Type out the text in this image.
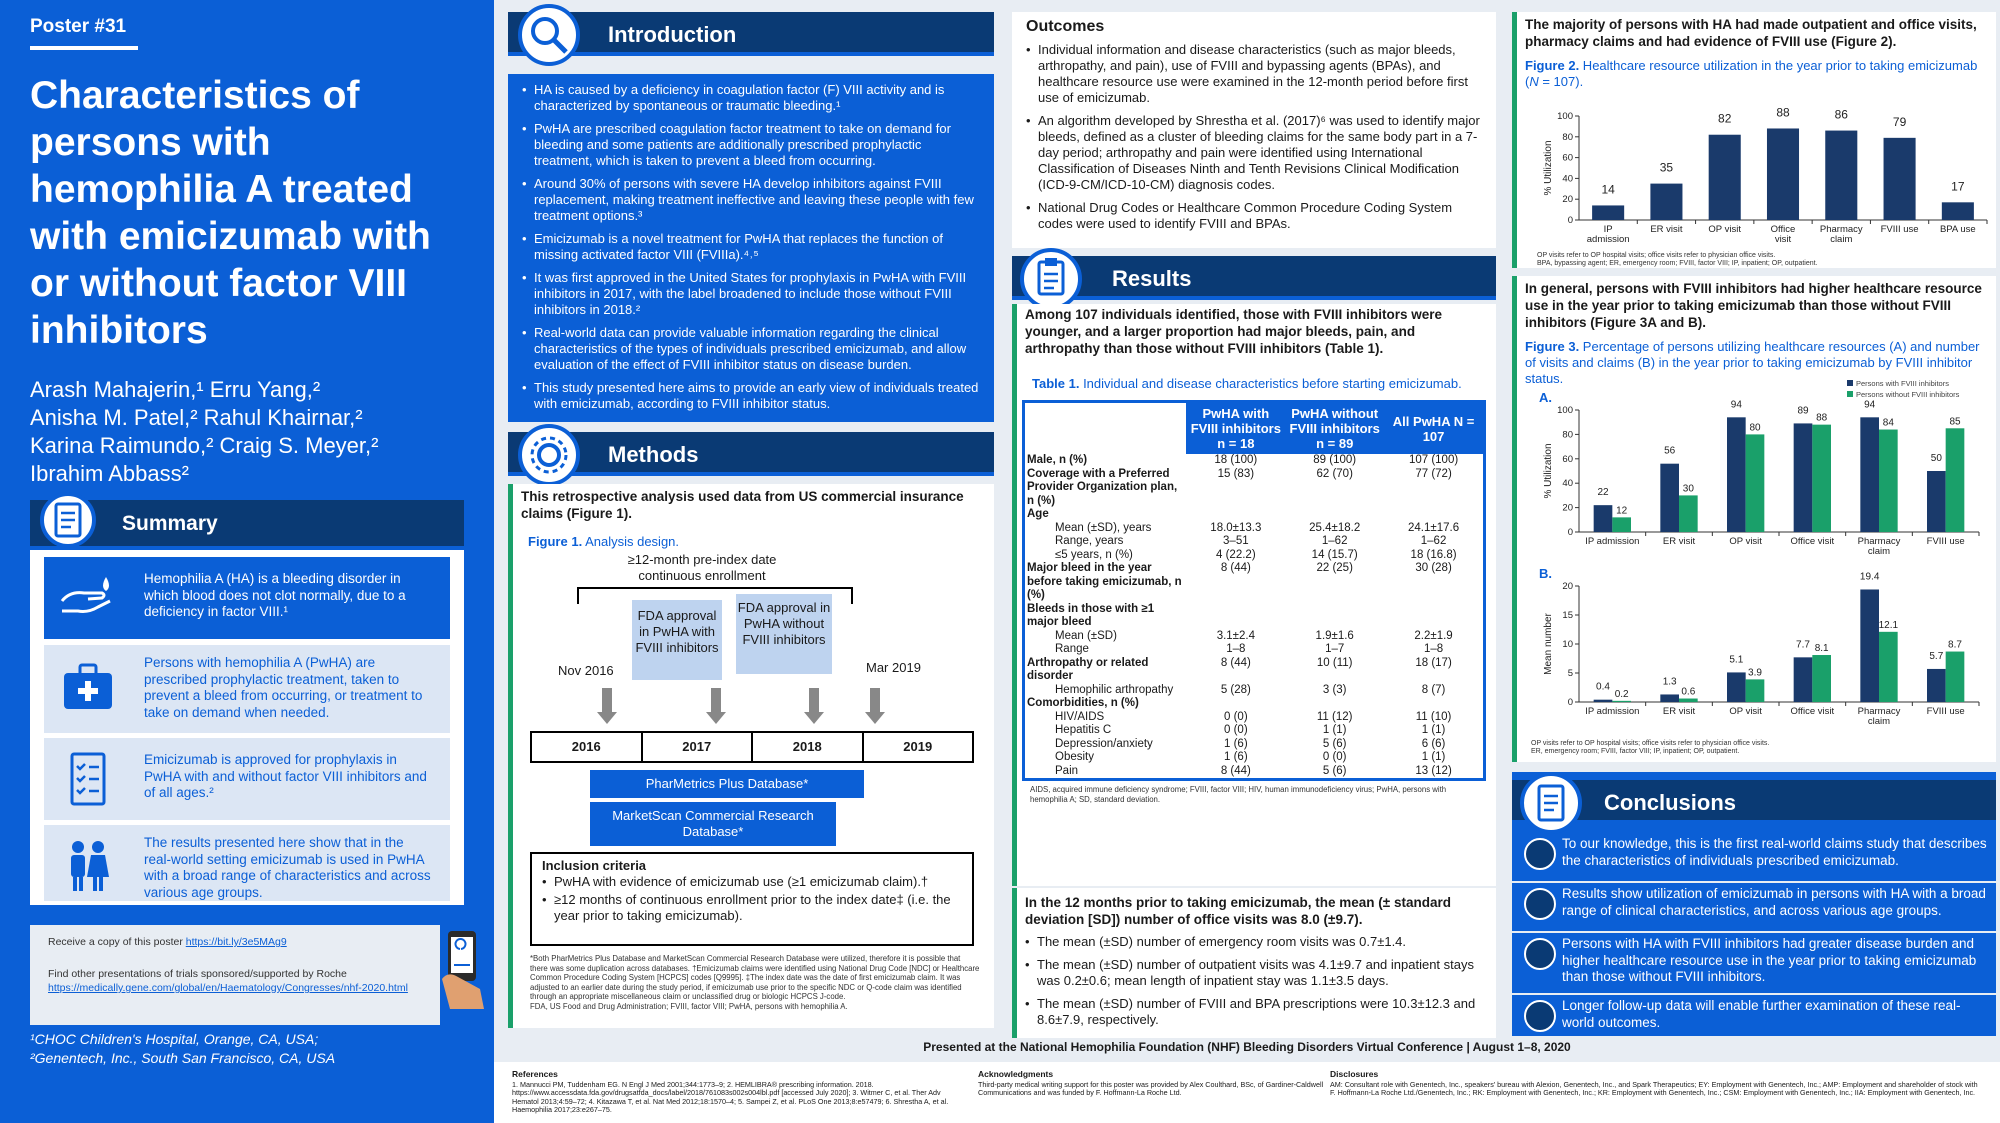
Poster #31
Characteristics of persons with hemophilia A treated with emicizumab with or without factor VIII inhibitors
Arash Mahajerin,¹ Erru Yang,²
Anisha M. Patel,² Rahul Khairnar,²
Karina Raimundo,² Craig S. Meyer,²
Ibrahim Abbass²
Summary
Hemophilia A (HA) is a bleeding disorder in which blood does not clot normally, due to a deficiency in factor VIII.¹
Persons with hemophilia A (PwHA) are prescribed prophylactic treatment, taken to prevent a bleed from occurring, or treatment to take on demand when needed.
Emicizumab is approved for prophylaxis in PwHA with and without factor VIII inhibitors and of all ages.²
The results presented here show that in the real-world setting emicizumab is used in PwHA with a broad range of characteristics and across various age groups.
Receive a copy of this poster https://bit.ly/3e5MAg9
Find other presentations of trials sponsored/supported by Roche
https://medically.gene.com/global/en/Haematology/Congresses/nhf-2020.html
¹CHOC Children's Hospital, Orange, CA, USA;
²Genentech, Inc., South San Francisco, CA, USA
Introduction
• HA is caused by a deficiency in coagulation factor (F) VIII activity and is characterized by spontaneous or traumatic bleeding.¹
• PwHA are prescribed coagulation factor treatment to take on demand for bleeding and some patients are additionally prescribed prophylactic treatment, which is taken to prevent a bleed from occurring.
• Around 30% of persons with severe HA develop inhibitors against FVIII replacement, making treatment ineffective and leaving these people with few treatment options.³
• Emicizumab is a novel treatment for PwHA that replaces the function of missing activated factor VIII (FVIIIa).⁴˒⁵
• It was first approved in the United States for prophylaxis in PwHA with FVIII inhibitors in 2017, with the label broadened to include those without FVIII inhibitors in 2018.²
• Real-world data can provide valuable information regarding the clinical characteristics of the types of individuals prescribed emicizumab, and allow evaluation of the effect of FVIII inhibitor status on disease burden.
• This study presented here aims to provide an early view of individuals treated with emicizumab, according to FVIII inhibitor status.
Methods
This retrospective analysis used data from US commercial insurance claims (Figure 1).
Figure 1. Analysis design.
≥12-month pre-index date continuous enrollment
FDA approval in PwHA with FVIII inhibitors
FDA approval in PwHA without FVIII inhibitors
Nov 2016	Mar 2019
2016	2017	2018	2019
PharMetrics Plus Database*
MarketScan Commercial Research Database*
Inclusion criteria
• PwHA with evidence of emicizumab use (≥1 emicizumab claim).†
• ≥12 months of continuous enrollment prior to the index date‡ (i.e. the year prior to taking emicizumab).
*Both PharMetrics Plus Database and MarketScan Commercial Research Database were utilized, therefore it is possible that there was some duplication across databases. †Emicizumab claims were identified using National Drug Code [NDC] or Healthcare Common Procedure Coding System [HCPCS] codes [Q9995]. ‡The index date was the date of first emicizumab claim. It was adjusted to an earlier date during the study period, if emicizumab use prior to the specific NDC or Q-code claim was identified through an appropriate miscellaneous claim or unclassified drug or biologic HCPCS J-code.
FDA, US Food and Drug Administration; FVIII, factor VIII; PwHA, persons with hemophilia A.
Outcomes
• Individual information and disease characteristics (such as major bleeds, arthropathy, and pain), use of FVIII and bypassing agents (BPAs), and healthcare resource use were examined in the 12-month period before first use of emicizumab.
• An algorithm developed by Shrestha et al. (2017)⁶ was used to identify major bleeds, defined as a cluster of bleeding claims for the same body part in a 7-day period; arthropathy and pain were identified using International Classification of Diseases Ninth and Tenth Revisions Clinical Modification (ICD-9-CM/ICD-10-CM) diagnosis codes.
• National Drug Codes or Healthcare Common Procedure Coding System codes were used to identify FVIII and BPAs.
Results
Among 107 individuals identified, those with FVIII inhibitors were younger, and a larger proportion had major bleeds, pain, and arthropathy than those without FVIII inhibitors (Table 1).
Table 1. Individual and disease characteristics before starting emicizumab.
	PwHA with FVIII inhibitors n = 18	PwHA without FVIII inhibitors n = 89	All PwHA N = 107
Male, n (%)	18 (100)	89 (100)	107 (100)
Coverage with a Preferred Provider Organization plan, n (%)	15 (83)	62 (70)	77 (72)
Age			
Mean (±SD), years	18.0±13.3	25.4±18.2	24.1±17.6
Range, years	3–51	1–62	1–62
≤5 years, n (%)	4 (22.2)	14 (15.7)	18 (16.8)
Major bleed in the year before taking emicizumab, n (%)	8 (44)	22 (25)	30 (28)
Bleeds in those with ≥1 major bleed			
Mean (±SD)	3.1±2.4	1.9±1.6	2.2±1.9
Range	1–8	1–7	1–8
Arthropathy or related disorder	8 (44)	10 (11)	18 (17)
Hemophilic arthropathy	5 (28)	3 (3)	8 (7)
Comorbidities, n (%)			
HIV/AIDS	0 (0)	11 (12)	11 (10)
Hepatitis C	0 (0)	1 (1)	1 (1)
Depression/anxiety	1 (6)	5 (6)	6 (6)
Obesity	1 (6)	0 (0)	1 (1)
Pain	8 (44)	5 (6)	13 (12)
AIDS, acquired immune deficiency syndrome; FVIII, factor VIII; HIV, human immunodeficiency virus; PwHA, persons with hemophilia A; SD, standard deviation.
In the 12 months prior to taking emicizumab, the mean (± standard deviation [SD]) number of office visits was 8.0 (±9.7).
• The mean (±SD) number of emergency room visits was 0.7±1.4.
• The mean (±SD) number of outpatient visits was 4.1±9.7 and inpatient stays was 0.2±0.6; mean length of inpatient stay was 1.1±3.5 days.
• The mean (±SD) number of FVIII and BPA prescriptions were 10.3±12.3 and 8.6±7.9, respectively.
The majority of persons with HA had made outpatient and office visits, pharmacy claims and had evidence of FVIII use (Figure 2).
Figure 2. Healthcare resource utilization in the year prior to taking emicizumab (N = 107).
0
20
40
60
80
100
% Utilization
IP
admission
14
ER visit
35
OP visit
82
Office
visit
88
Pharmacy
claim
86
FVIII use
79
BPA use
17
OP visits refer to OP hospital visits; office visits refer to physician office visits.
BPA, bypassing agent; ER, emergency room; FVIII, factor VIII; IP, inpatient; OP, outpatient.
In general, persons with FVIII inhibitors had higher healthcare resource use in the year prior to taking emicizumab than those without FVIII inhibitors (Figure 3A and B).
Figure 3. Percentage of persons utilizing healthcare resources (A) and number of visits and claims (B) in the year prior to taking emicizumab by FVIII inhibitor status.
A.
Persons with FVIII inhibitors
Persons without FVIII inhibitors
0
20
40
60
80
100
% Utilization
IP admission
22
12
ER visit
56
30
OP visit
94
80
Office visit
89
88
Pharmacy
claim
94
84
FVIII use
50
85
B.
0
5
10
15
20
Mean number
IP admission
0.4
0.2
ER visit
1.3
0.6
OP visit
5.1
3.9
Office visit
7.7 8.1
Pharmacy
claim
19.4
12.1
FVIII use
5.7
8.7
OP visits refer to OP hospital visits; office visits refer to physician office visits.
ER, emergency room; FVIII, factor VIII; IP, inpatient; OP, outpatient.
Conclusions
To our knowledge, this is the first real-world claims study that describes the characteristics of individuals prescribed emicizumab.
Results show utilization of emicizumab in persons with HA with a broad range of clinical characteristics, and across various age groups.
Persons with HA with FVIII inhibitors had greater disease burden and higher healthcare resource use in the year prior to taking emicizumab than those without FVIII inhibitors.
Longer follow-up data will enable further examination of these real-world outcomes.
Presented at the National Hemophilia Foundation (NHF) Bleeding Disorders Virtual Conference | August 1–8, 2020
References
1. Mannucci PM, Tuddenham EG. N Engl J Med 2001;344:1773–9; 2. HEMLIBRA® prescribing information. 2018. https://www.accessdata.fda.gov/drugsatfda_docs/label/2018/761083s002s004lbl.pdf [accessed July 2020]; 3. Witmer C, et al. Ther Adv Hematol 2013;4:59–72; 4. Kitazawa T, et al. Nat Med 2012;18:1570–4; 5. Sampei Z, et al. PLoS One 2013;8:e57479; 6. Shrestha A, et al. Haemophilia 2017;23:e267–75.
Acknowledgments
Third-party medical writing support for this poster was provided by Alex Coulthard, BSc, of Gardiner-Caldwell Communications and was funded by F. Hoffmann-La Roche Ltd.
Disclosures
AM: Consultant role with Genentech, Inc., speakers' bureau with Alexion, Genentech, Inc., and Spark Therapeutics; EY: Employment with Genentech, Inc.; AMP: Employment and shareholder of stock with F. Hoffmann-La Roche Ltd./Genentech, Inc.; RK: Employment with Genentech, Inc.; KR: Employment with Genentech, Inc.; CSM: Employment with Genentech, Inc.; IIA: Employment with Genentech, Inc.
